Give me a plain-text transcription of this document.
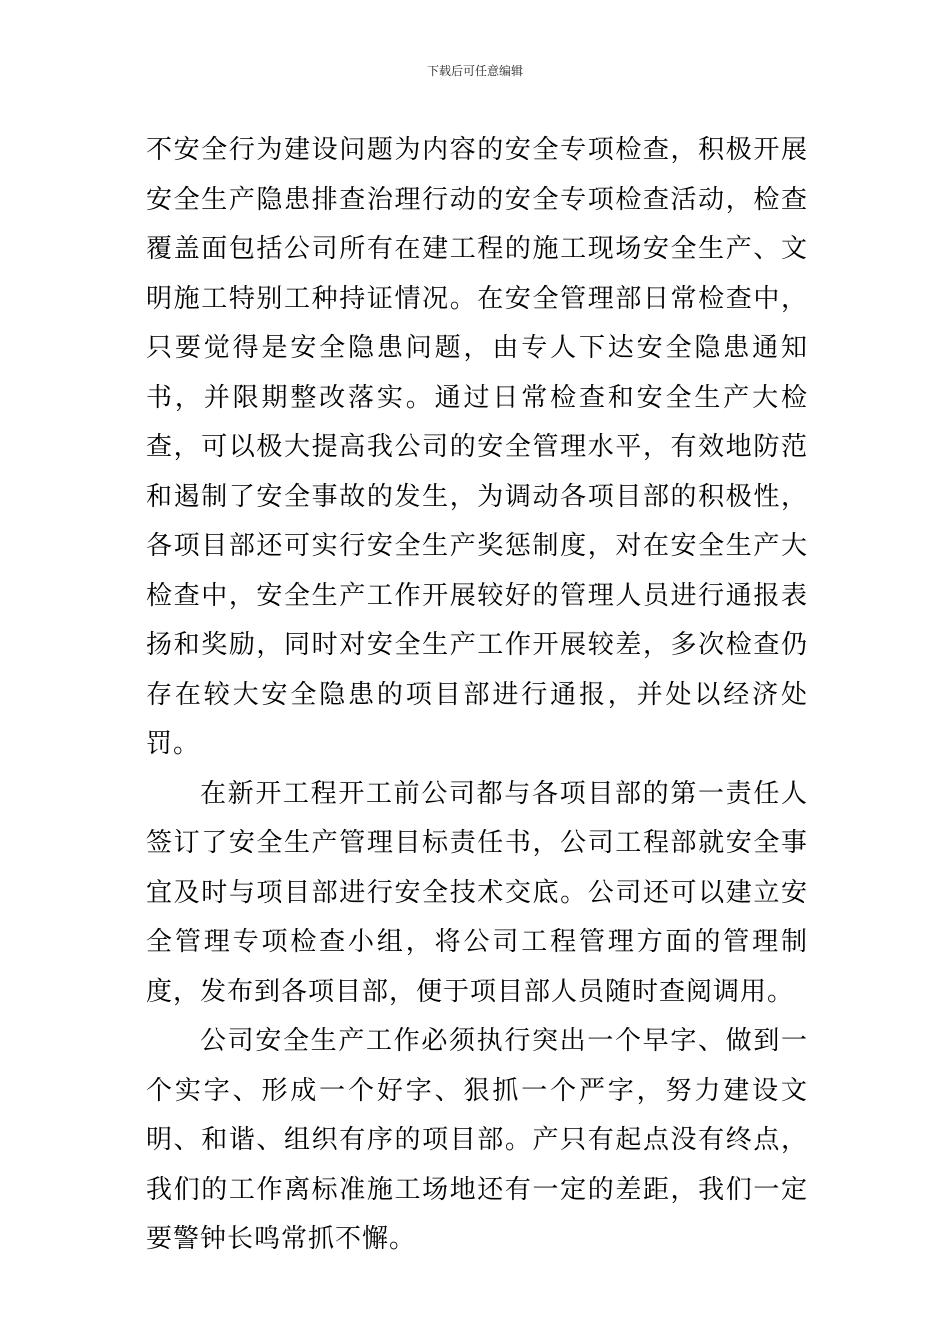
下载后可任意编辑

不安全行为建设问题为内容的安全专项检查，积极开展安全生产隐患排查治理行动的安全专项检查活动，检查覆盖面包括公司所有在建工程的施工现场安全生产、文明施工特别工种持证情况。在安全管理部日常检查中，只要觉得是安全隐患问题，由专人下达安全隐患通知书，并限期整改落实。通过日常检查和安全生产大检查，可以极大提高我公司的安全管理水平，有效地防范和遏制了安全事故的发生，为调动各项目部的积极性，各项目部还可实行安全生产奖惩制度，对在安全生产大检查中，安全生产工作开展较好的管理人员进行通报表扬和奖励，同时对安全生产工作开展较差，多次检查仍存在较大安全隐患的项目部进行通报，并处以经济处罚。

在新开工程开工前公司都与各项目部的第一责任人签订了安全生产管理目标责任书，公司工程部就安全事宜及时与项目部进行安全技术交底。公司还可以建立安全管理专项检查小组，将公司工程管理方面的管理制度，发布到各项目部，便于项目部人员随时查阅调用。

公司安全生产工作必须执行突出一个早字、做到一个实字、形成一个好字、狠抓一个严字，努力建设文明、和谐、组织有序的项目部。产只有起点没有终点，我们的工作离标准施工场地还有一定的差距，我们一定要警钟长鸣常抓不懈。
